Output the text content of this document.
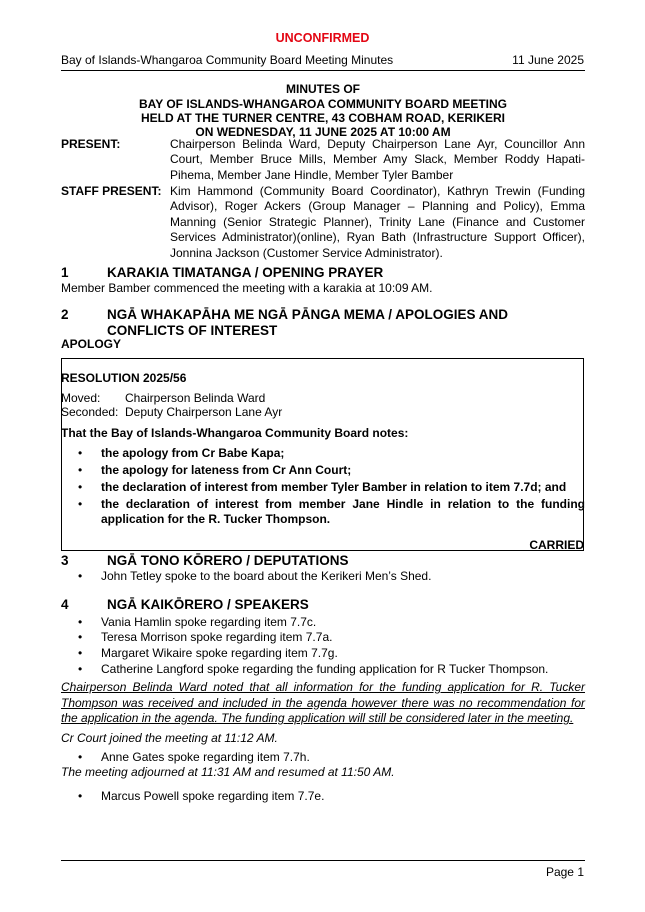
UNCONFIRMED
Bay of Islands-Whangaroa Community Board Meeting Minutes	11 June 2025
MINUTES OF
BAY OF ISLANDS-WHANGAROA COMMUNITY BOARD MEETING
HELD AT THE TURNER CENTRE, 43 COBHAM ROAD, KERIKERI
ON WEDNESDAY, 11 JUNE 2025 AT 10:00 AM
PRESENT:	Chairperson Belinda Ward, Deputy Chairperson Lane Ayr, Councillor Ann Court, Member Bruce Mills, Member Amy Slack, Member Roddy Hapati-Pihema, Member Jane Hindle, Member Tyler Bamber
STAFF PRESENT: Kim Hammond (Community Board Coordinator), Kathryn Trewin (Funding Advisor), Roger Ackers (Group Manager – Planning and Policy), Emma Manning (Senior Strategic Planner), Trinity Lane (Finance and Customer Services Administrator)(online), Ryan Bath (Infrastructure Support Officer), Jonnina Jackson (Customer Service Administrator).
1	KARAKIA TIMATANGA / OPENING PRAYER
Member Bamber commenced the meeting with a karakia at 10:09 AM.
2	NGĀ WHAKAPĀHA ME NGĀ PĀNGA MEMA / APOLOGIES AND CONFLICTS OF INTEREST
APOLOGY
RESOLUTION 2025/56
Moved: Chairperson Belinda Ward
Seconded: Deputy Chairperson Lane Ayr
That the Bay of Islands-Whangaroa Community Board notes:
• the apology from Cr Babe Kapa;
• the apology for lateness from Cr Ann Court;
• the declaration of interest from member Tyler Bamber in relation to item 7.7d; and
• the declaration of interest from member Jane Hindle in relation to the funding application for the R. Tucker Thompson.
CARRIED
3	NGĀ TONO KŌRERO / DEPUTATIONS
• John Tetley spoke to the board about the Kerikeri Men’s Shed.
4	NGĀ KAIKŌRERO / SPEAKERS
• Vania Hamlin spoke regarding item 7.7c.
• Teresa Morrison spoke regarding item 7.7a.
• Margaret Wikaire spoke regarding item 7.7g.
• Catherine Langford spoke regarding the funding application for R Tucker Thompson.
Chairperson Belinda Ward noted that all information for the funding application for R. Tucker Thompson was received and included in the agenda however there was no recommendation for the application in the agenda. The funding application will still be considered later in the meeting.
Cr Court joined the meeting at 11:12 AM.
• Anne Gates spoke regarding item 7.7h.
The meeting adjourned at 11:31 AM and resumed at 11:50 AM.
• Marcus Powell spoke regarding item 7.7e.
Page 1
